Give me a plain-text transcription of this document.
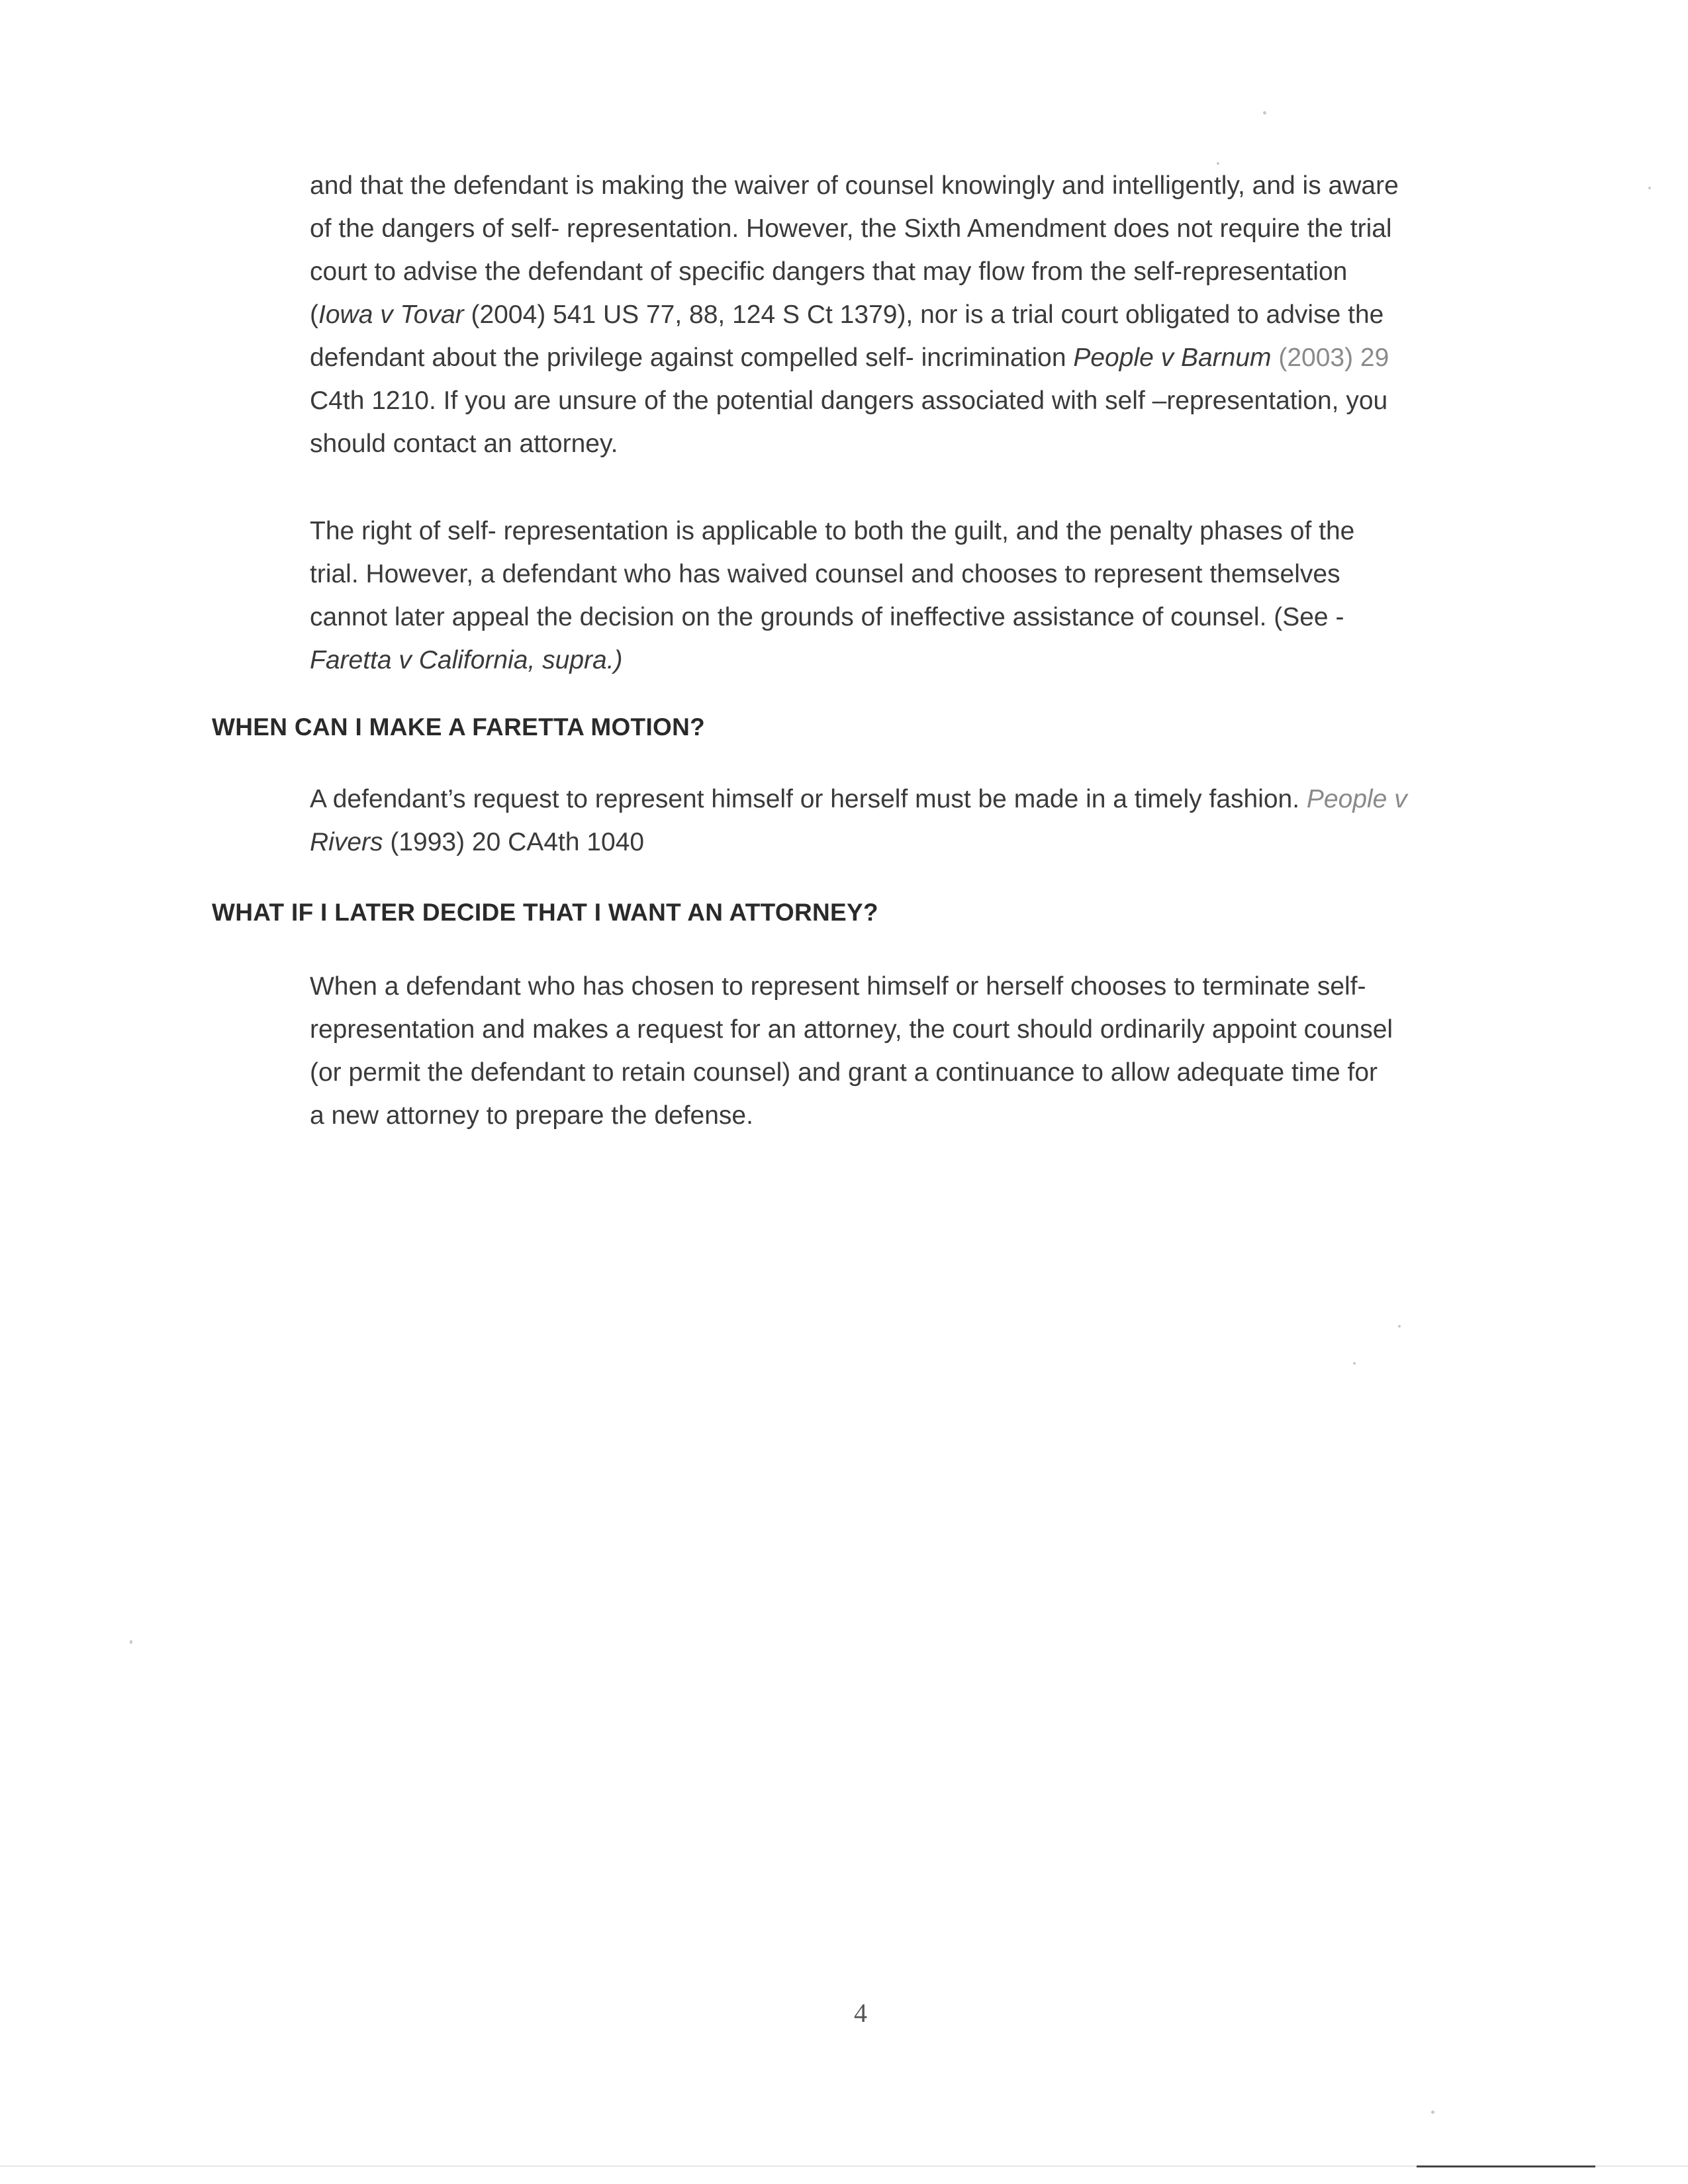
and that the defendant is making the waiver of counsel knowingly and intelligently, and is aware
of the dangers of self- representation. However, the Sixth Amendment does not require the trial
court to advise the defendant of specific dangers that may flow from the self-representation
(Iowa v Tovar (2004) 541 US 77, 88, 124 S Ct 1379), nor is a trial court obligated to advise the
defendant about the privilege against compelled self- incrimination People v Barnum (2003) 29
C4th 1210. If you are unsure of the potential dangers associated with self –representation, you
should contact an attorney.
The right of self- representation is applicable to both the guilt, and the penalty phases of the
trial. However, a defendant who has waived counsel and chooses to represent themselves
cannot later appeal the decision on the grounds of ineffective assistance of counsel. (See -
Faretta v California, supra.)
WHEN CAN I MAKE A FARETTA MOTION?
A defendant’s request to represent himself or herself must be made in a timely fashion. People v
Rivers (1993) 20 CA4th 1040
WHAT IF I LATER DECIDE THAT I WANT AN ATTORNEY?
When a defendant who has chosen to represent himself or herself chooses to terminate self-
representation and makes a request for an attorney, the court should ordinarily appoint counsel
(or permit the defendant to retain counsel) and grant a continuance to allow adequate time for
a new attorney to prepare the defense.
4
